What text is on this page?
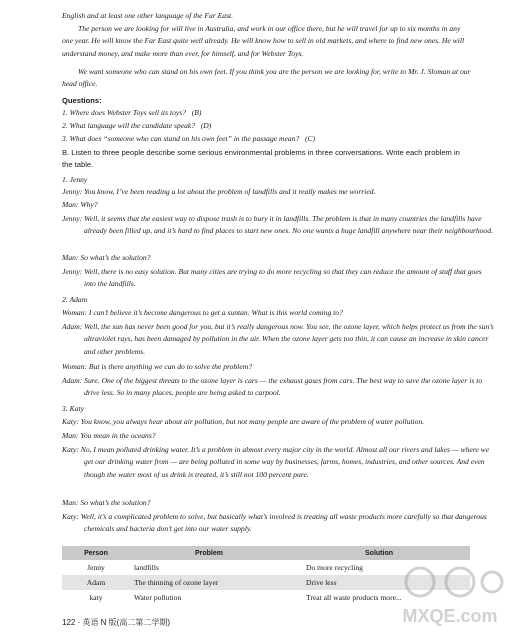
English and at least one other language of the Far East.

The person we are looking for will live in Australia, and work in our office there, but he will travel for up to six months in any one year. He will know the Far East quite well already. He will know how to sell in old markets, and where to find new ones. He will understand money, and make more than ever, for himself, and for Webster Toys.

We want someone who can stand on his own feet. If you think you are the person we are looking for, write to Mr. J. Sloman at our head office.

Questions:

1. Where does Webster Toys sell its toys?   (B)

2. What language will the candidate speak?   (D)

3. What does “someone who can stand on his own feet” in the passage mean?   (C)

B. Listen to three people describe some serious environmental problems in three conversations. Write each problem in the table.

1. Jenny

Jenny: You know, I’ve been reading a lot about the problem of landfills and it really makes me worried.

Man: Why?

Jenny: Well, it seems that the easiest way to dispose trash is to bury it in landfills. The problem is that in many countries the landfills have already been filled up, and it’s hard to find places to start new ones. No one wants a huge landfill anywhere near their neighbourhood.

Man: So what’s the solution?

Jenny: Well, there is no easy solution. But many cities are trying to do more recycling so that they can reduce the amount of stuff that goes into the landfills.

2. Adam

Woman: I can’t believe it’s become dangerous to get a suntan. What is this world coming to?

Adam: Well, the sun has never been good for you, but it’s really dangerous now. You see, the ozone layer, which helps protect us from the sun’s ultraviolet rays, has been damaged by pollution in the air. When the ozone layer gets too thin, it can cause an increase in skin cancer and other problems.

Woman: But is there anything we can do to solve the problem?

Adam: Sure. One of the biggest threats to the ozone layer is cars — the exhaust gases from cars. The best way to save the ozone layer is to drive less. So in many places, people are being asked to carpool.

3. Katy

Katy: You know, you always hear about air pollution, but not many people are aware of the problem of water pollution.

Man: You mean in the oceans?

Katy: No, I mean polluted drinking water. It’s a problem in almost every major city in the world. Almost all our rivers and lakes — where we get our drinking water from — are being polluted in some way by businesses, farms, homes, industries, and other sources. And even though the water most of us drink is treated, it’s still not 100 percent pure.

Man: So what’s the solution?

Katy: Well, it’s a complicated problem to solve, but basically what’s involved is treating all waste products more carefully so that dangerous chemicals and bacteria don’t get into our water supply.

Person	Problem	Solution
Jenny	landfills	Do more recycling
Adam	The thinning of ozone layer	Drive less
katy	Water pollution	Treat all waste products more...
122 · 英语 N 版(高二第二学期)	MXQE.com
